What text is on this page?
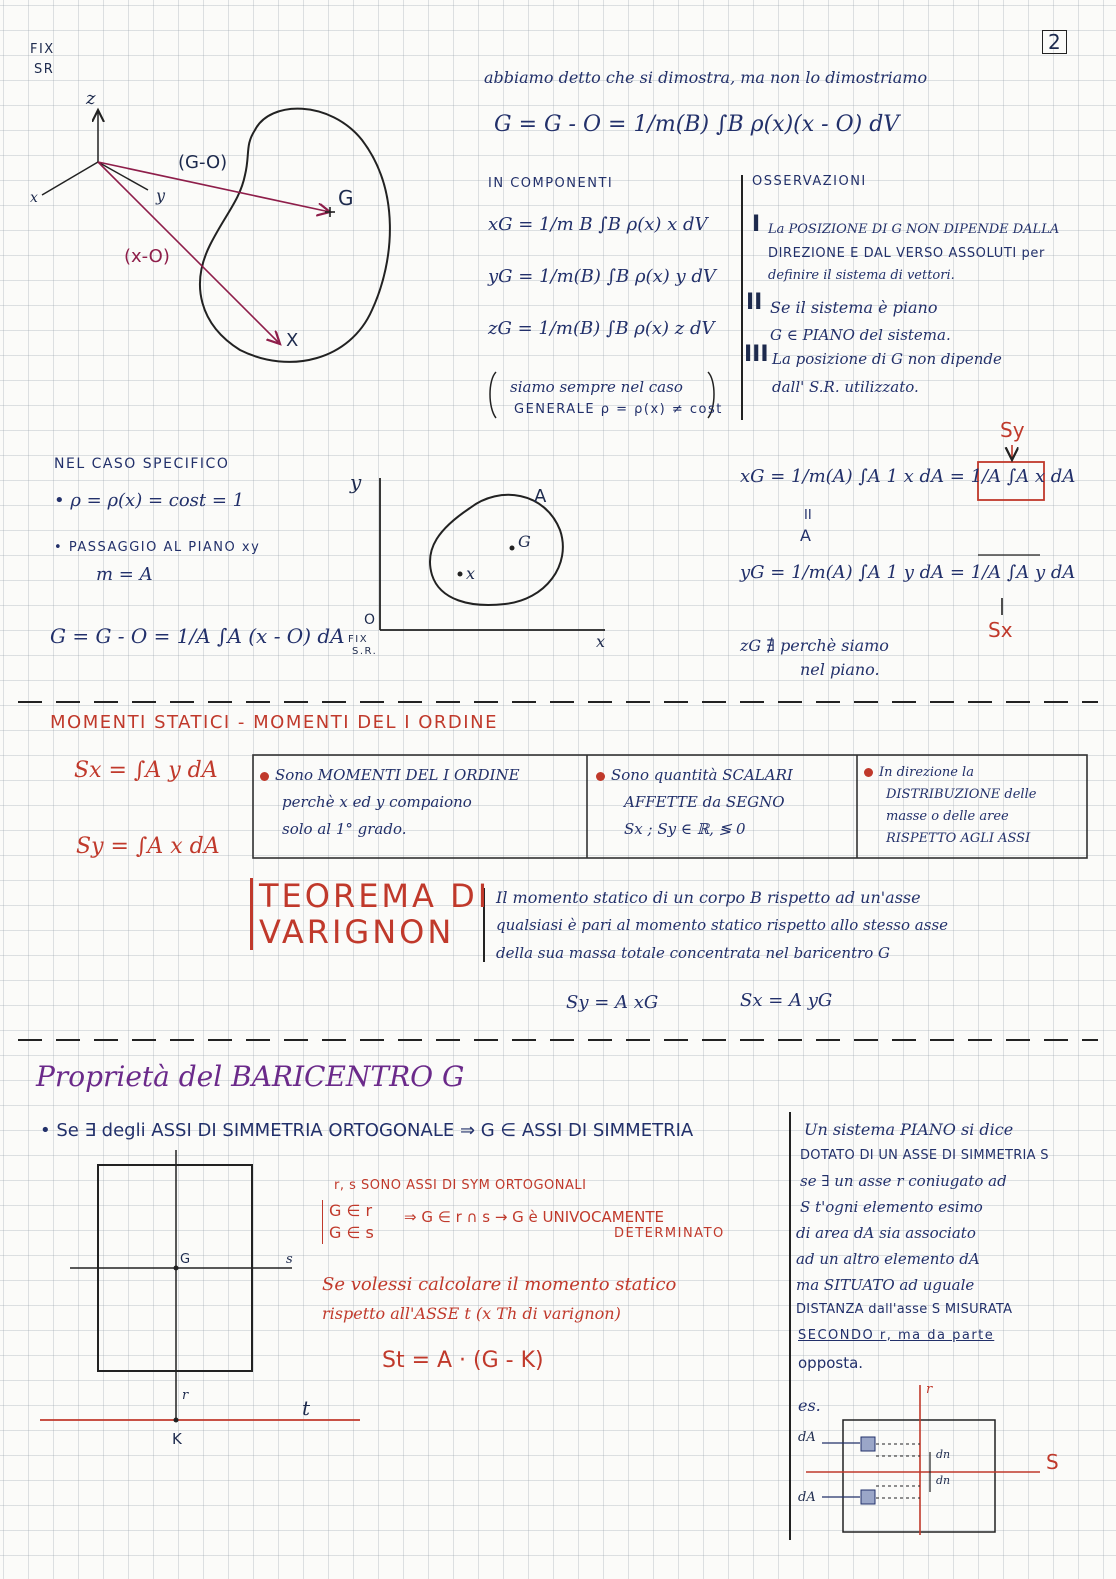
FIX
SR
2
z
y
x
(G-O)
(x-O)
G
X
abbiamo detto che si dimostra, ma non lo dimostriamo
G = G - O = 1/m(B) ∫B ρ(x)(x - O) dV
IN COMPONENTI
xG = 1/m B ∫B ρ(x) x dV
yG = 1/m(B) ∫B ρ(x) y dV
zG = 1/m(B) ∫B ρ(x) z dV
siamo sempre nel caso
GENERALE ρ = ρ(x) ≠ cost
OSSERVAZIONI
I La POSIZIONE DI G NON DIPENDE DALLA
DIREZIONE E DAL VERSO ASSOLUTI per
definire il sistema di vettori.
II Se il sistema è piano
G ∈ PIANO del sistema.
III La posizione di G non dipende
dall' S.R. utilizzato.
NEL CASO SPECIFICO
• ρ = ρ(x) = cost = 1
• PASSAGGIO AL PIANO xy
m = A
G = G - O = 1/A ∫A (x - O) dA
y
x
A
G
x
O
FIX
S.R.
xG = 1/m(A) ∫A 1 x dA = 1/A ∫A x dA
II
A
yG = 1/m(A) ∫A 1 y dA = 1/A ∫A y dA
Sy
Sx
zG ∄ perchè siamo
nel piano.
MOMENTI STATICI - MOMENTI DEL I ORDINE
Sx = ∫A y dA
Sy = ∫A x dA
Sono MOMENTI DEL I ORDINE
perchè x ed y compaiono
solo al 1° grado.
Sono quantità SCALARI
AFFETTE da SEGNO
Sx ; Sy ∈ ℝ, ≶ 0
In direzione la
DISTRIBUZIONE delle
masse o delle aree
RISPETTO AGLI ASSI
TEOREMA DI
VARIGNON
Il momento statico di un corpo B rispetto ad un'asse
qualsiasi è pari al momento statico rispetto allo stesso asse
della sua massa totale concentrata nel baricentro G
Sy = A xG	Sx = A yG
Proprietà del BARICENTRO G
• Se ∃ degli ASSI DI SIMMETRIA ORTOGONALE ⇒ G ∈ ASSI DI SIMMETRIA
r, s SONO ASSI DI SYM ORTOGONALI
G ∈ r
G ∈ s
⇒ G ∈ r ∩ s → G è UNIVOCAMENTE
DETERMINATO
Se volessi calcolare il momento statico
rispetto all'ASSE t (x Th di varignon)
St = A · (G - K)
G	s
r
t
K
Un sistema PIANO si dice
DOTATO DI UN ASSE DI SIMMETRIA S
se ∃ un asse r coniugato ad
S t'ogni elemento esimo
di area dA sia associato
ad un altro elemento dA
ma SITUATO ad uguale
DISTANZA dall'asse S MISURATA
SECONDO r, ma da parte
opposta.
es.
r
S
dA
dA
dn
dn
